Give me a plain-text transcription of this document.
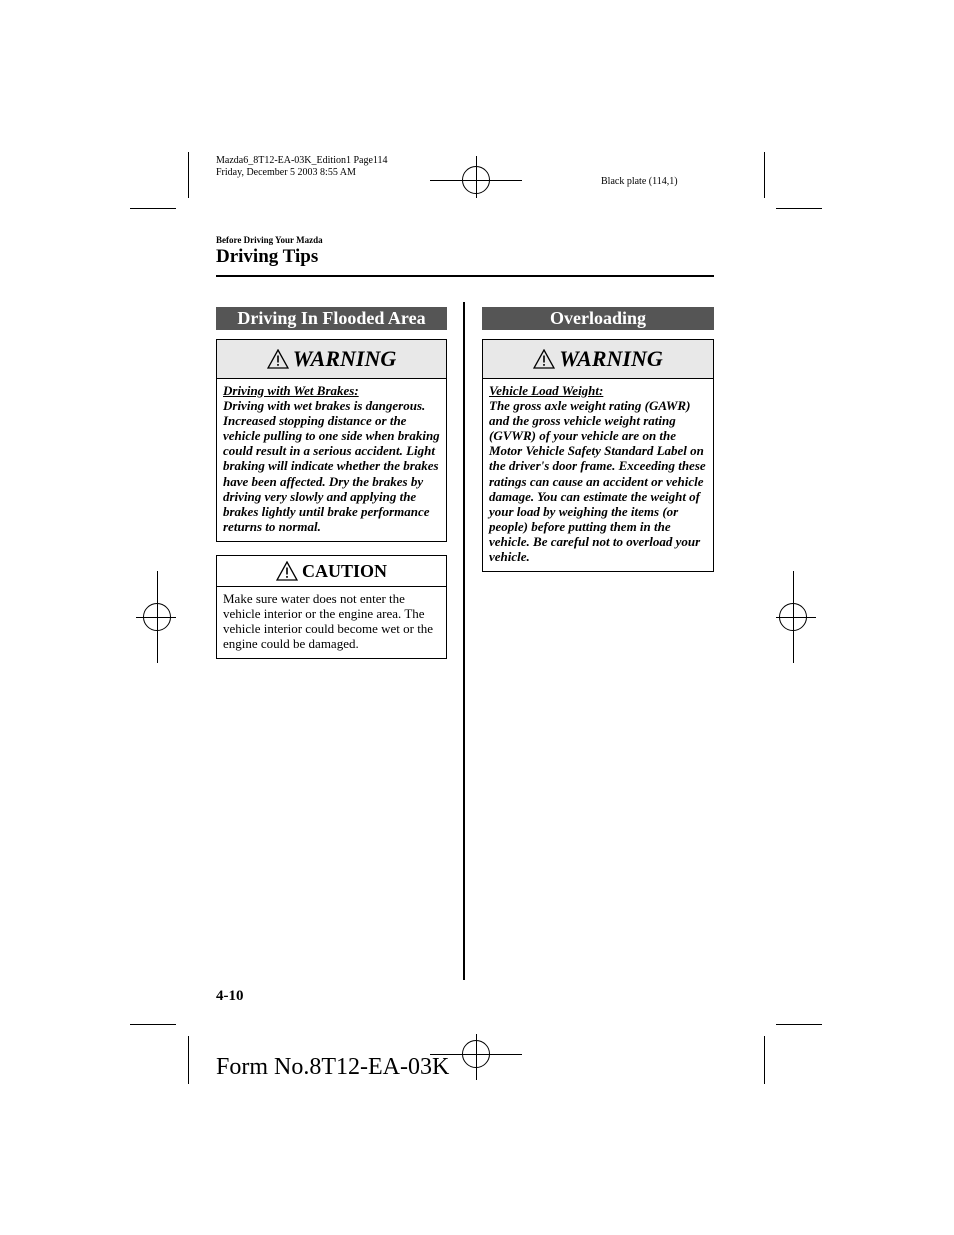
Mazda6_8T12-EA-03K_Edition1 Page114
Friday, December 5 2003 8:55 AM
Black plate (114,1)
Before Driving Your Mazda
Driving Tips
Driving In Flooded Area
WARNING
Driving with Wet Brakes:
Driving with wet brakes is dangerous. Increased stopping distance or the vehicle pulling to one side when braking could result in a serious accident. Light braking will indicate whether the brakes have been affected. Dry the brakes by driving very slowly and applying the brakes lightly until brake performance returns to normal.
CAUTION
Make sure water does not enter the vehicle interior or the engine area. The vehicle interior could become wet or the engine could be damaged.
Overloading
WARNING
Vehicle Load Weight:
The gross axle weight rating (GAWR) and the gross vehicle weight rating (GVWR) of your vehicle are on the Motor Vehicle Safety Standard Label on the driver's door frame. Exceeding these ratings can cause an accident or vehicle damage. You can estimate the weight of your load by weighing the items (or people) before putting them in the vehicle. Be careful not to overload your vehicle.
4-10
Form No.8T12-EA-03K
